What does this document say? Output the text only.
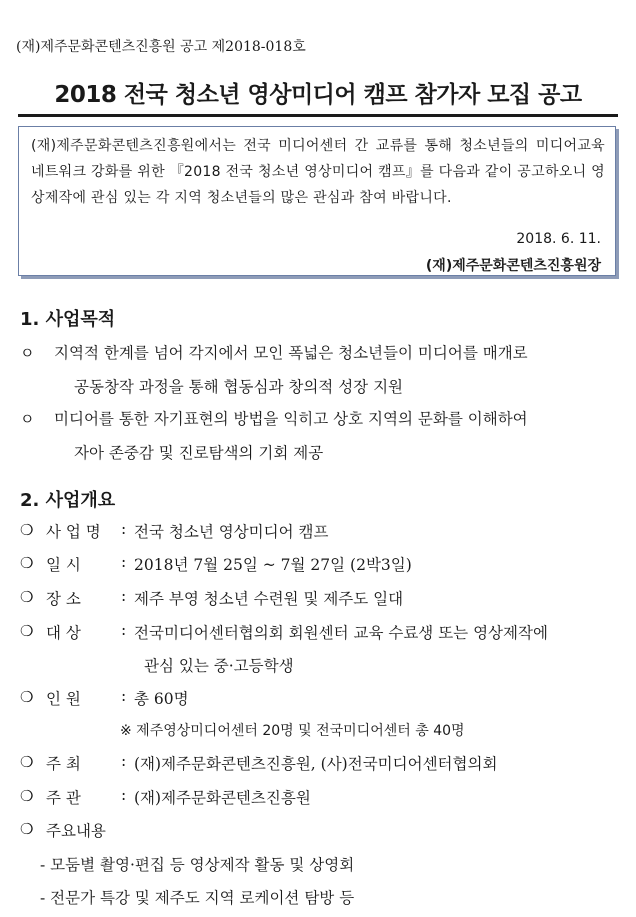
(재)제주문화콘텐츠진흥원 공고 제2018-018호
2018 전국 청소년 영상미디어 캠프 참가자 모집 공고
(재)제주문화콘텐츠진흥원에서는 전국 미디어센터 간 교류를 통해 청소년들의 미디어교육 네트워크 강화를 위한 『2018 전국 청소년 영상미디어 캠프』를 다음과 같이 공고하오니 영상제작에 관심 있는 각 지역 청소년들의 많은 관심과 참여 바랍니다.
2018. 6. 11.
(재)제주문화콘텐츠진흥원장
1. 사업목적
ㅇ 지역적 한계를 넘어 각지에서 모인 폭넓은 청소년들이 미디어를 매개로
공동창작 과정을 통해 협동심과 창의적 성장 지원
ㅇ 미디어를 통한 자기표현의 방법을 익히고 상호 지역의 문화를 이해하여
자아 존중감 및 진로탐색의 기회 제공
2. 사업개요
❍ 사 업 명 : 전국 청소년 영상미디어 캠프
❍ 일 시	: 2018년 7월 25일 ~ 7월 27일 (2박3일)
❍ 장 소	: 제주 부영 청소년 수련원 및 제주도 일대
❍ 대 상	: 전국미디어센터협의회 회원센터 교육 수료생 또는 영상제작에
관심 있는 중·고등학생
❍ 인 원	: 총 60명
※ 제주영상미디어센터 20명 및 전국미디어센터 총 40명
❍ 주 최	: (재)제주문화콘텐츠진흥원, (사)전국미디어센터협의회
❍ 주 관	: (재)제주문화콘텐츠진흥원
❍ 주요내용
- 모둠별 촬영·편집 등 영상제작 활동 및 상영회
- 전문가 특강 및 제주도 지역 로케이션 탐방 등
